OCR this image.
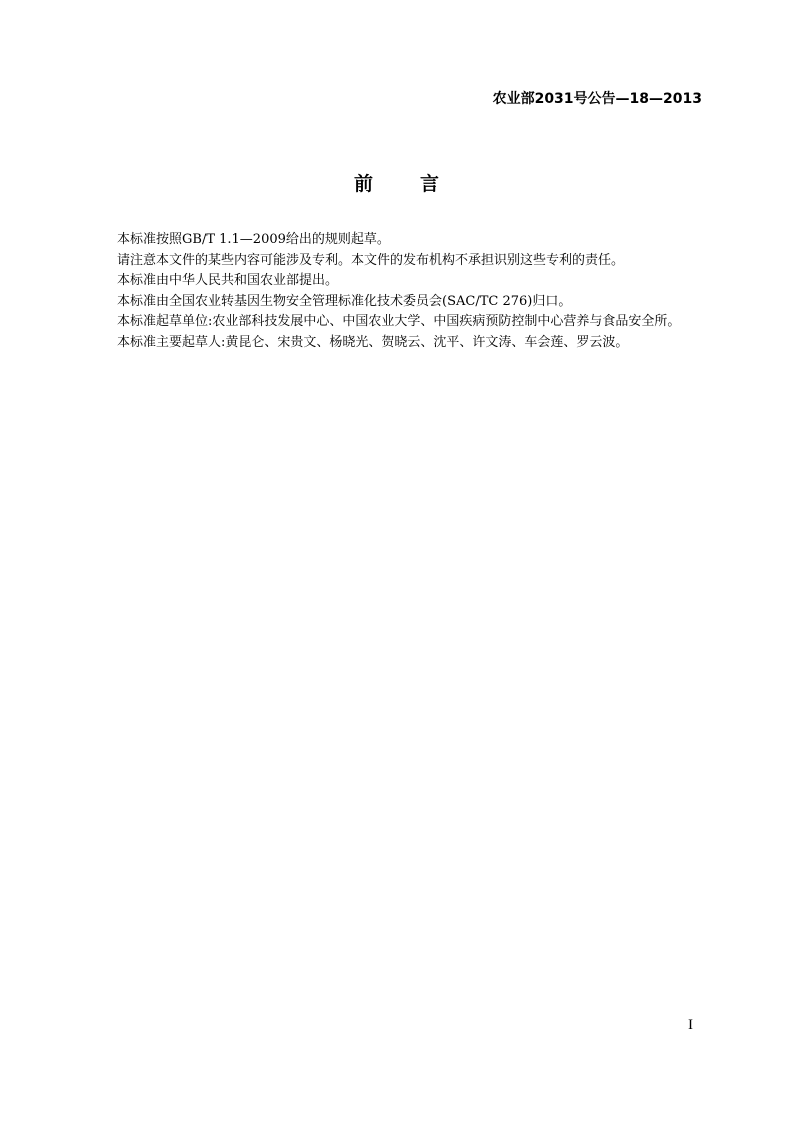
农业部2031号公告—18—2013
前言
本标准按照GB/T 1.1—2009给出的规则起草。
请注意本文件的某些内容可能涉及专利。本文件的发布机构不承担识别这些专利的责任。
本标准由中华人民共和国农业部提出。
本标准由全国农业转基因生物安全管理标准化技术委员会(SAC/TC 276)归口。
本标准起草单位:农业部科技发展中心、中国农业大学、中国疾病预防控制中心营养与食品安全所。
本标准主要起草人:黄昆仑、宋贵文、杨晓光、贺晓云、沈平、许文涛、车会莲、罗云波。
I
